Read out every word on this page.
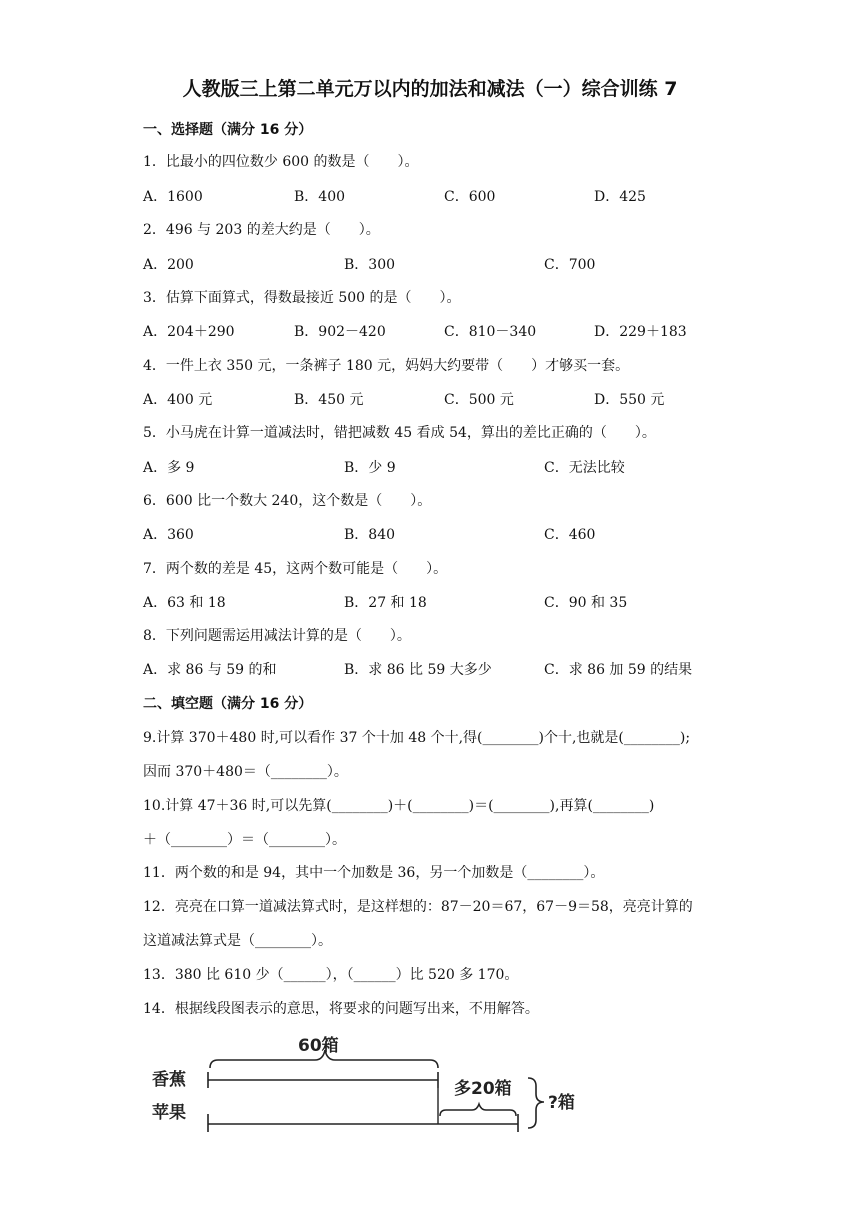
人教版三上第二单元万以内的加法和减法（一）综合训练 7
一、选择题（满分 16 分）
1．比最小的四位数少 600 的数是（　　）。
A．1600	B．400	C．600	D．425
2．496 与 203 的差大约是（　　）。
A．200	B．300	C．700
3．估算下面算式，得数最接近 500 的是（　　）。
A．204＋290	B．902－420	C．810－340	D．229＋183
4．一件上衣 350 元，一条裤子 180 元，妈妈大约要带（　　）才够买一套。
A．400 元	B．450 元	C．500 元	D．550 元
5．小马虎在计算一道减法时，错把减数 45 看成 54，算出的差比正确的（　　）。
A．多 9	B．少 9	C．无法比较
6．600 比一个数大 240，这个数是（　　）。
A．360	B．840	C．460
7．两个数的差是 45，这两个数可能是（　　）。
A．63 和 18	B．27 和 18	C．90 和 35
8．下列问题需运用减法计算的是（　　）。
A．求 86 与 59 的和	B．求 86 比 59 大多少	C．求 86 加 59 的结果
二、填空题（满分 16 分）
9.计算 370＋480 时,可以看作 37 个十加 48 个十,得(________)个十,也就是(________);
因而 370＋480＝（________）。
10.计算 47＋36 时,可以先算(________)＋(________)＝(________),再算(________)
＋（________）＝（________）。
11．两个数的和是 94，其中一个加数是 36，另一个加数是（________）。
12．亮亮在口算一道减法算式时，是这样想的：87－20＝67，67－9＝58，亮亮计算的
这道减法算式是（________）。
13．380 比 610 少（______），（______）比 520 多 170。
14．根据线段图表示的意思，将要求的问题写出来，不用解答。
60箱
香蕉
苹果
多20箱
?箱
